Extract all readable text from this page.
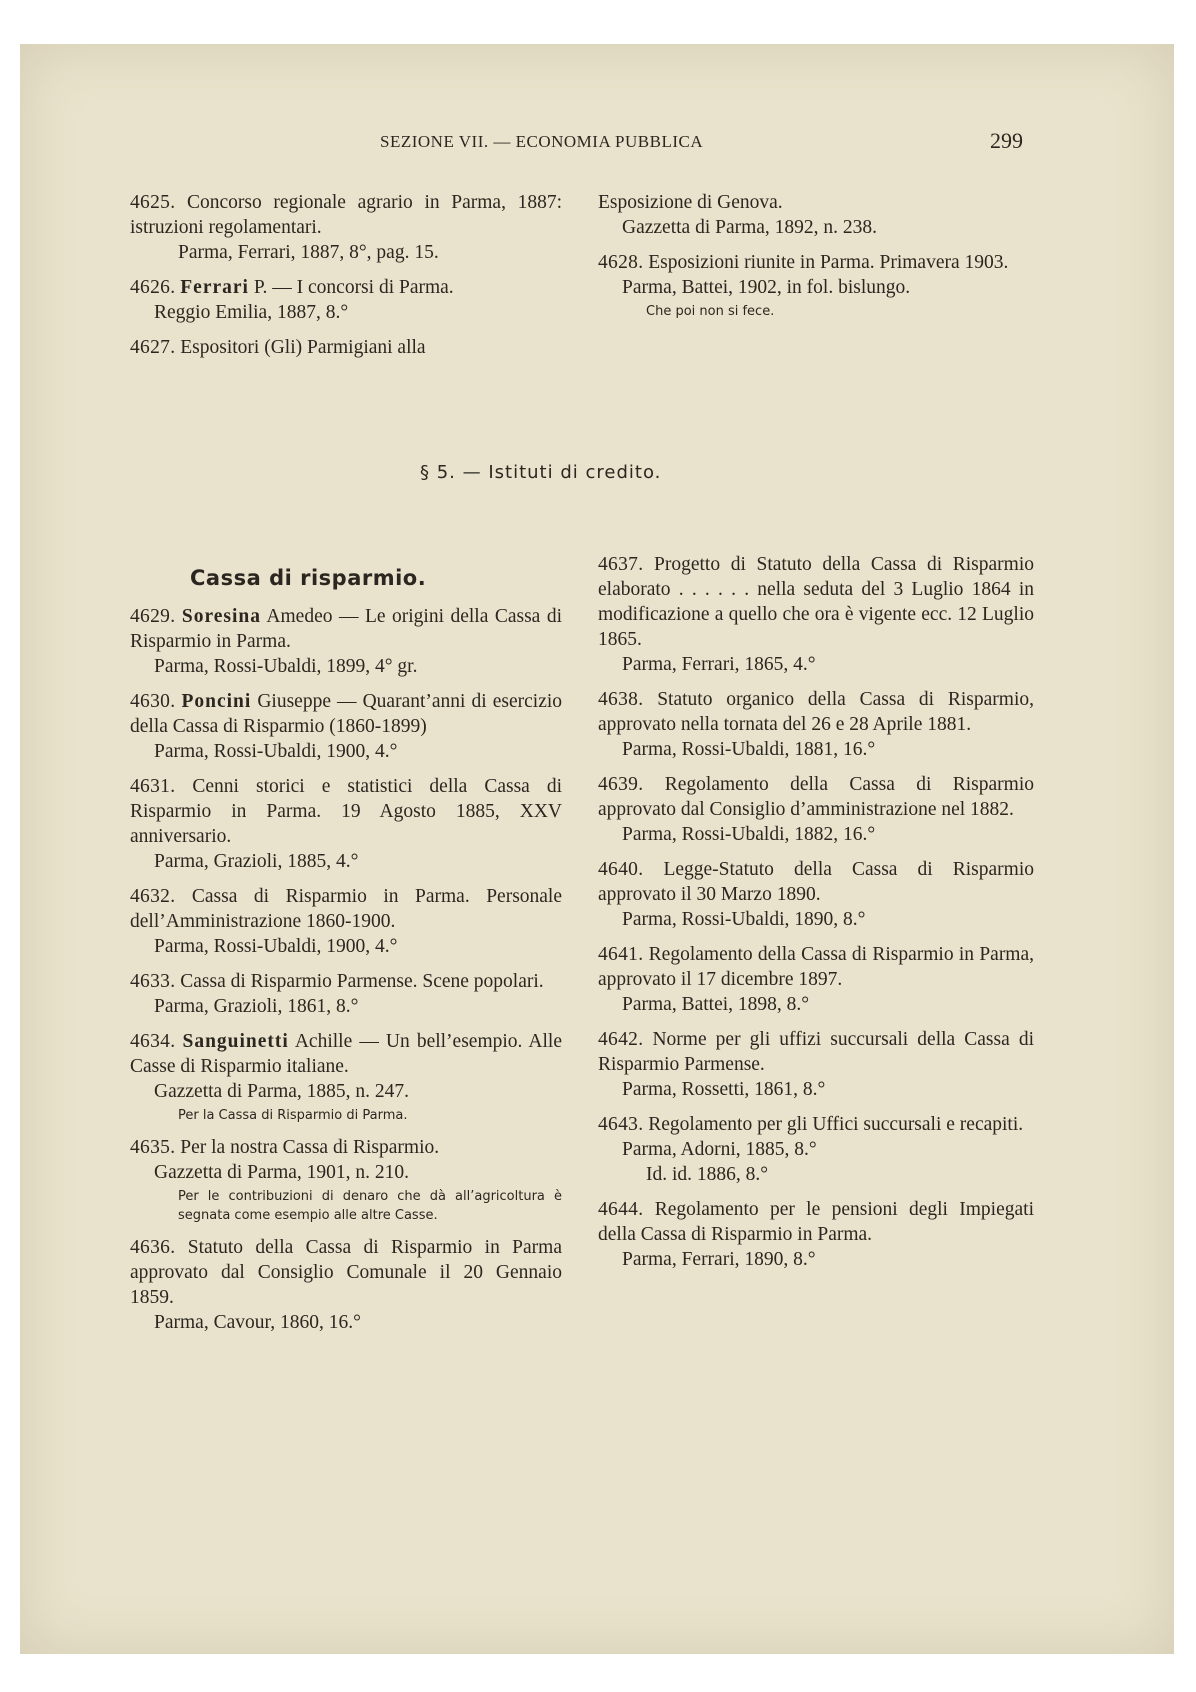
SEZIONE VII. — ECONOMIA PUBBLICA	299
4625. Concorso regionale agrario in Parma, 1887: istruzioni regolamentari.
Parma, Ferrari, 1887, 8°, pag. 15.
4626. Ferrari P. — I concorsi di Parma.
Reggio Emilia, 1887, 8.°
4627. Espositori (Gli) Parmigiani alla
Esposizione di Genova.
Gazzetta di Parma, 1892, n. 238.
4628. Esposizioni riunite in Parma. Primavera 1903.
Parma, Battei, 1902, in fol. bislungo.
Che poi non si fece.
§ 5. — Istituti di credito.
Cassa di risparmio.
4629. Soresina Amedeo — Le origini della Cassa di Risparmio in Parma.
Parma, Rossi-Ubaldi, 1899, 4° gr.
4630. Poncini Giuseppe — Quarant’anni di esercizio della Cassa di Risparmio (1860-1899)
Parma, Rossi-Ubaldi, 1900, 4.°
4631. Cenni storici e statistici della Cassa di Risparmio in Parma. 19 Agosto 1885, XXV anniversario.
Parma, Grazioli, 1885, 4.°
4632. Cassa di Risparmio in Parma. Personale dell’Amministrazione 1860-1900.
Parma, Rossi-Ubaldi, 1900, 4.°
4633. Cassa di Risparmio Parmense. Scene popolari.
Parma, Grazioli, 1861, 8.°
4634. Sanguinetti Achille — Un bell’esempio. Alle Casse di Risparmio italiane.
Gazzetta di Parma, 1885, n. 247.
Per la Cassa di Risparmio di Parma.
4635. Per la nostra Cassa di Risparmio.
Gazzetta di Parma, 1901, n. 210.
Per le contribuzioni di denaro che dà all’agricoltura è segnata come esempio alle altre Casse.
4636. Statuto della Cassa di Risparmio in Parma approvato dal Consiglio Comunale il 20 Gennaio 1859.
Parma, Cavour, 1860, 16.°
4637. Progetto di Statuto della Cassa di Risparmio elaborato . . . . . . nella seduta del 3 Luglio 1864 in modificazione a quello che ora è vigente ecc. 12 Luglio 1865.
Parma, Ferrari, 1865, 4.°
4638. Statuto organico della Cassa di Risparmio, approvato nella tornata del 26 e 28 Aprile 1881.
Parma, Rossi-Ubaldi, 1881, 16.°
4639. Regolamento della Cassa di Risparmio approvato dal Consiglio d’amministrazione nel 1882.
Parma, Rossi-Ubaldi, 1882, 16.°
4640. Legge-Statuto della Cassa di Risparmio approvato il 30 Marzo 1890.
Parma, Rossi-Ubaldi, 1890, 8.°
4641. Regolamento della Cassa di Risparmio in Parma, approvato il 17 dicembre 1897.
Parma, Battei, 1898, 8.°
4642. Norme per gli uffizi succursali della Cassa di Risparmio Parmense.
Parma, Rossetti, 1861, 8.°
4643. Regolamento per gli Uffici succursali e recapiti.
Parma, Adorni, 1885, 8.°
Id. id. 1886, 8.°
4644. Regolamento per le pensioni degli Impiegati della Cassa di Risparmio in Parma.
Parma, Ferrari, 1890, 8.°
